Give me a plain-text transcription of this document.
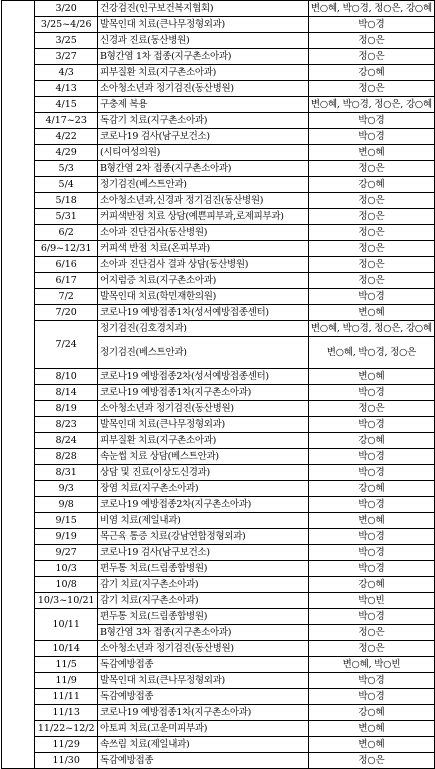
	3/20	건강검진(인구보건복지협회)	변○혜, 박○경, 정○은, 강○혜
	3/25~4/26	발목인대 치료(큰나무정형외과)	박○경
	3/25	신경과 진료(동산병원)	정○은
	3/27	B형간염 1차 접종(지구촌소아과)	정○은
	4/3	피부질환 치료(지구촌소아과)	강○혜
	4/13	소아청소년과 정기검진(동산병원)	정○은
	4/15	구충제 복용	변○혜, 박○경, 정○은, 강○혜
	4/17~23	독감기 치료(지구촌소아과)	박○경
	4/22	코로나19 검사(남구보건소)	박○경
	4/29	(시티여성의원)	변○혜
	5/3	B형간염 2차 접종(지구촌소아과)	정○은
	5/4	정기검진(베스트안과)	강○혜
	5/18	소아청소년과,신경과 정기검진(동산병원)	정○은
	5/31	커피색반점 치료 상담(예쁜피부과,로제피부과)	정○은
	6/2	소아과 진단검사(동산병원)	정○은
	6/9~12/31	커피색 반점 치료(온피부과)	정○은
	6/16	소아과 진단검사 결과 상담(동산병원)	정○은
	6/17	어지럼증 치료(지구촌소아과)	정○은
	7/2	발목인대 치료(학민재한의원)	박○경
	7/20	코로나19 예방접종1차(성서예방접종센터)	변○혜
	7/24	정기검진(김호경치과)	변○혜, 박○경, 정○은, 강○혜
		정기검진(베스트안과)	변○혜, 박○경, 정○은
	8/10	코로나19 예방접종2차(성서예방접종센터)	변○혜
	8/14	코로나19 예방접종1차(지구촌소아과)	박○경
	8/19	소아청소년과 정기검진(동산병원)	정○은
	8/23	발목인대 치료(큰나무정형외과)	박○경
	8/24	피부질환 치료(지구촌소아과)	강○혜
	8/28	속눈썹 치료 상담(베스트안과)	박○경
	8/31	상담 및 진료(이상도신경과)	박○경
	9/3	장염 치료(지구촌소아과)	강○혜
	9/8	코로나19 예방접종2차(지구촌소아과)	박○경
	9/15	비염 치료(제일내과)	변○혜
	9/19	목근육 통증 치료(강남연합정형외과)	박○경
	9/27	코로나19 검사(남구보건소)	박○경
	10/3	편두통 치료(드림종합병원)	박○경
	10/8	감기 치료(지구촌소아과)	강○혜
	10/3~10/21	감기 치료(지구촌소아과)	박○빈
	10/11	편두통 치료(드림종합병원)	박○경
		B형간염 3차 접종(지구촌소아과)	정○은
	10/14	소아청소년과 정기검진(동산병원)	정○은
	11/5	독감예방접종	변○혜, 박○빈
	11/9	발목인대 치료(큰나무정형외과)	박○경
	11/11	독감예방접종	박○경
	11/13	코로나19 예방접종1차(지구촌소아과)	강○혜
	11/22~12/2	아토피 치료(고운미피부과)	변○혜
	11/29	속쓰림 치료(제일내과)	변○혜
	11/30	독감예방접종	정○은
